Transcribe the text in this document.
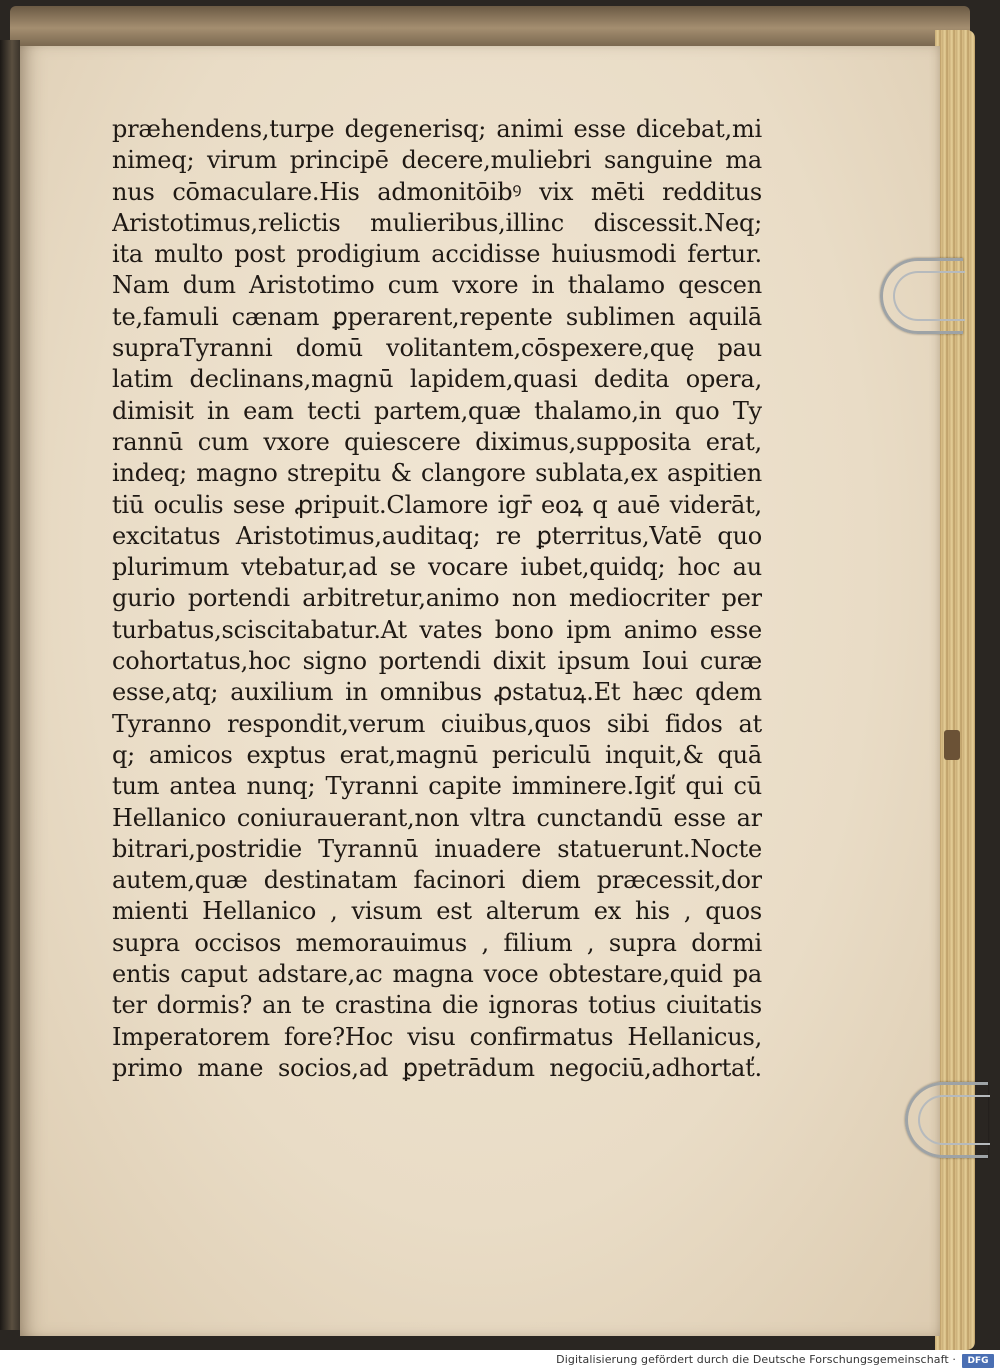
præhendens,turpe degenerisq; animi esse dicebat,mi
nimeq; virum principē decere,muliebri sanguine ma
nus cōmaculare.His admonitōibꝰ vix mēti redditus
Aristotimus,relictis mulieribus,illinc discessit.Neq;
ita multo post prodigium accidisse huiusmodi fertur.
Nam dum Aristotimo cum vxore in thalamo qescen
te,famuli cænam ꝑperarent,repente sublimen aquilā
supraTyranni domū volitantem,cōspexere,quę pau
latim declinans,magnū lapidem,quasi dedita opera,
dimisit in eam tecti partem,quæ thalamo,in quo Ty
rannū cum vxore quiescere diximus,supposita erat,
indeq; magno strepitu & clangore sublata,ex aspitien
tiū oculis sese ꝓripuit.Clamore igr̄ eoꝝ q auē viderāt,
excitatus Aristotimus,auditaq; re ꝑterritus,Vatē quo
plurimum vtebatur,ad se vocare iubet,quidq; hoc au
gurio portendi arbitretur,animo non mediocriter per
turbatus,sciscitabatur.At vates bono ipm animo esse
cohortatus,hoc signo portendi dixit ipsum Ioui curæ
esse,atq; auxilium in omnibus ꝓstatuꝝ.Et hæc qdem
Tyranno respondit,verum ciuibus,quos sibi fidos at
q; amicos exptus erat,magnū periculū inquit,& quā
tum antea nunq; Tyranni capite imminere.Igiť qui cū
Hellanico coniurauerant,non vltra cunctandū esse ar
bitrari,postridie Tyrannū inuadere statuerunt.Nocte
autem,quæ destinatam facinori diem præcessit,dor
mienti Hellanico , visum est alterum ex his , quos
supra occisos memorauimus , filium , supra dormi
entis caput adstare,ac magna voce obtestare,quid pa
ter dormis? an te crastina die ignoras totius ciuitatis
Imperatorem fore?Hoc visu confirmatus Hellanicus,
primo mane socios,ad ꝑpetrādum negociū,adhortať.
Digitalisierung gefördert durch die Deutsche Forschungsgemeinschaft ·	DFG
